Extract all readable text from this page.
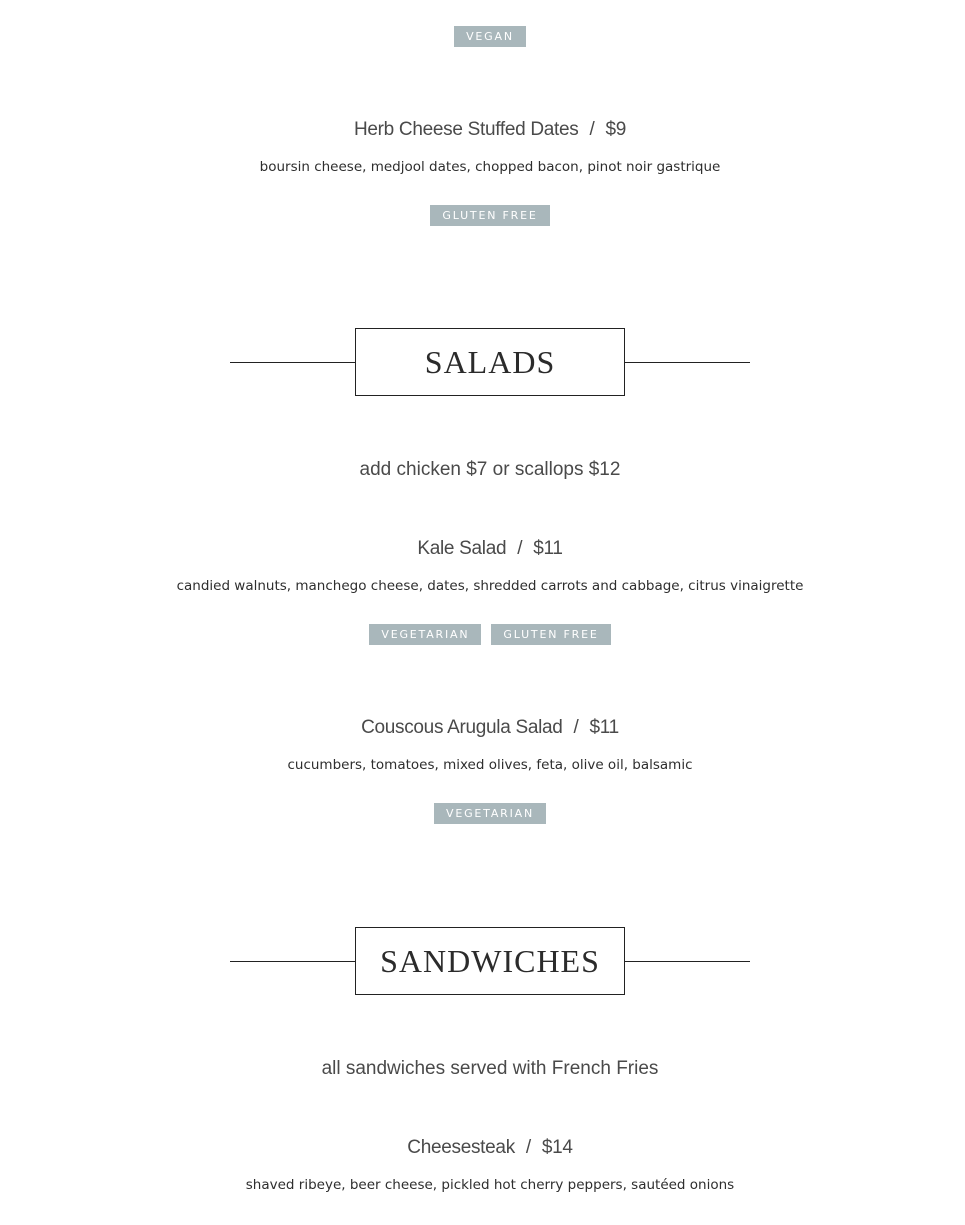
VEGAN
Herb Cheese Stuffed Dates / $9
boursin cheese, medjool dates, chopped bacon, pinot noir gastrique
GLUTEN FREE
SALADS
add chicken $7 or scallops $12
Kale Salad / $11
candied walnuts, manchego cheese, dates, shredded carrots and cabbage, citrus vinaigrette
VEGETARIAN	GLUTEN FREE
Couscous Arugula Salad / $11
cucumbers, tomatoes, mixed olives, feta, olive oil, balsamic
VEGETARIAN
SANDWICHES
all sandwiches served with French Fries
Cheesesteak / $14
shaved ribeye, beer cheese, pickled hot cherry peppers, sautéed onions
